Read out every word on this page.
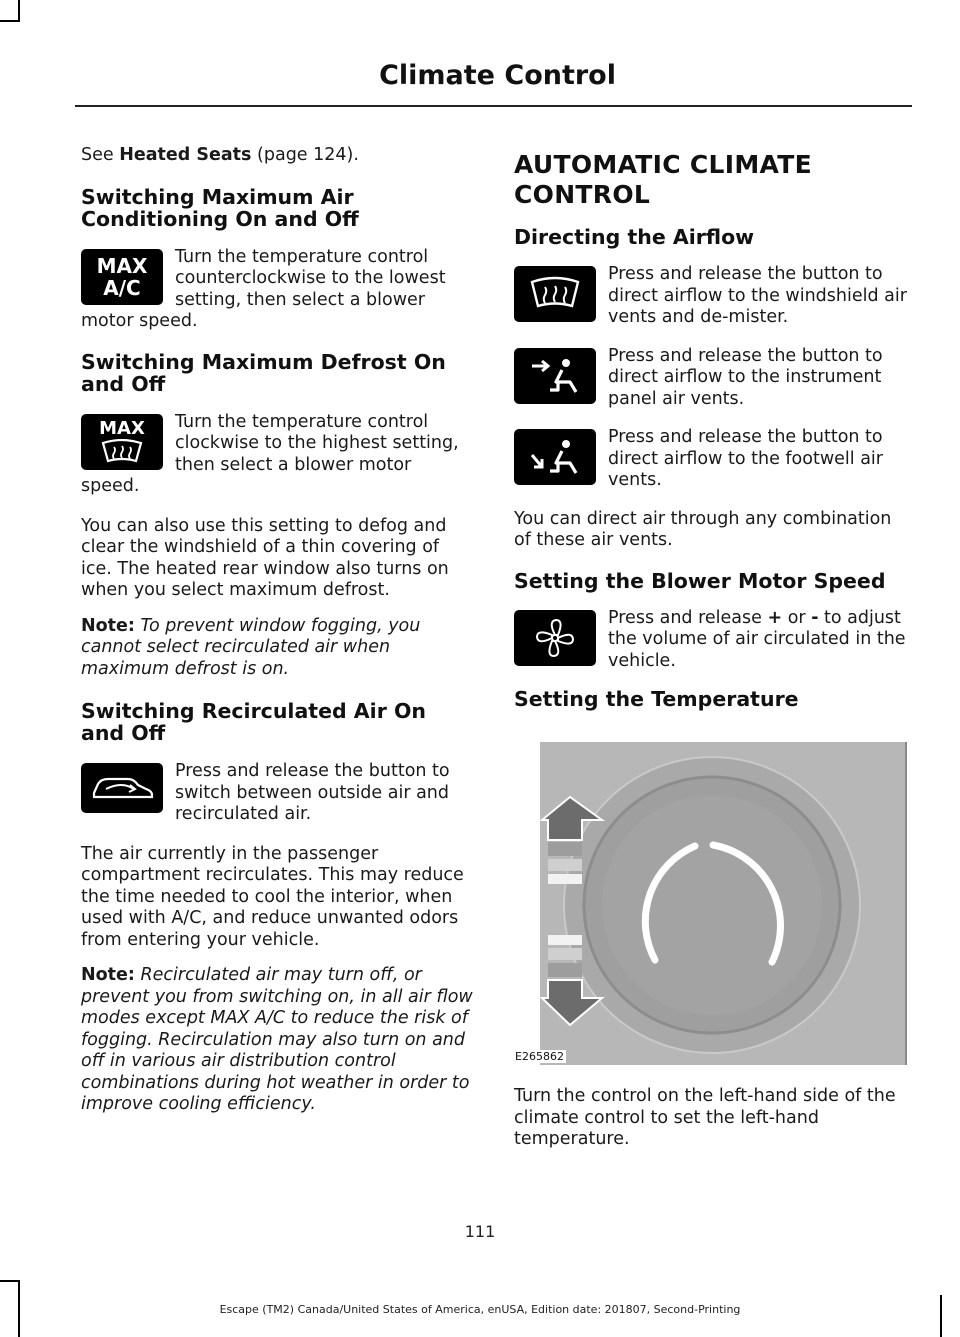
Climate Control

See Heated Seats (page 124).

Switching Maximum Air Conditioning On and Off
MAX
A/C

Turn the temperature control counterclockwise to the lowest setting, then select a blower motor speed.

Switching Maximum Defrost On and Off
MAX	Turn the temperature control clockwise to the highest setting, then select a blower motor speed.

You can also use this setting to defog and clear the windshield of a thin covering of ice. The heated rear window also turns on when you select maximum defrost.

Note: To prevent window fogging, you cannot select recirculated air when maximum defrost is on.

Switching Recirculated Air On and Off

Press and release the button to switch between outside air and recirculated air.

The air currently in the passenger compartment recirculates. This may reduce the time needed to cool the interior, when used with A/C, and reduce unwanted odors from entering your vehicle.

Note: Recirculated air may turn off, or prevent you from switching on, in all air flow modes except MAX A/C to reduce the risk of fogging. Recirculation may also turn on and off in various air distribution control combinations during hot weather in order to improve cooling efficiency.

AUTOMATIC CLIMATE CONTROL
Directing the Airflow

Press and release the button to direct airflow to the windshield air vents and de-mister.

Press and release the button to direct airflow to the instrument panel air vents.

Press and release the button to direct airflow to the footwell air vents.

You can direct air through any combination of these air vents.

Setting the Blower Motor Speed

Press and release + or - to adjust the volume of air circulated in the vehicle.

Setting the Temperature
E265862

Turn the control on the left-hand side of the climate control to set the left-hand temperature.

111
Escape (TM2) Canada/United States of America, enUSA, Edition date: 201807, Second-Printing
